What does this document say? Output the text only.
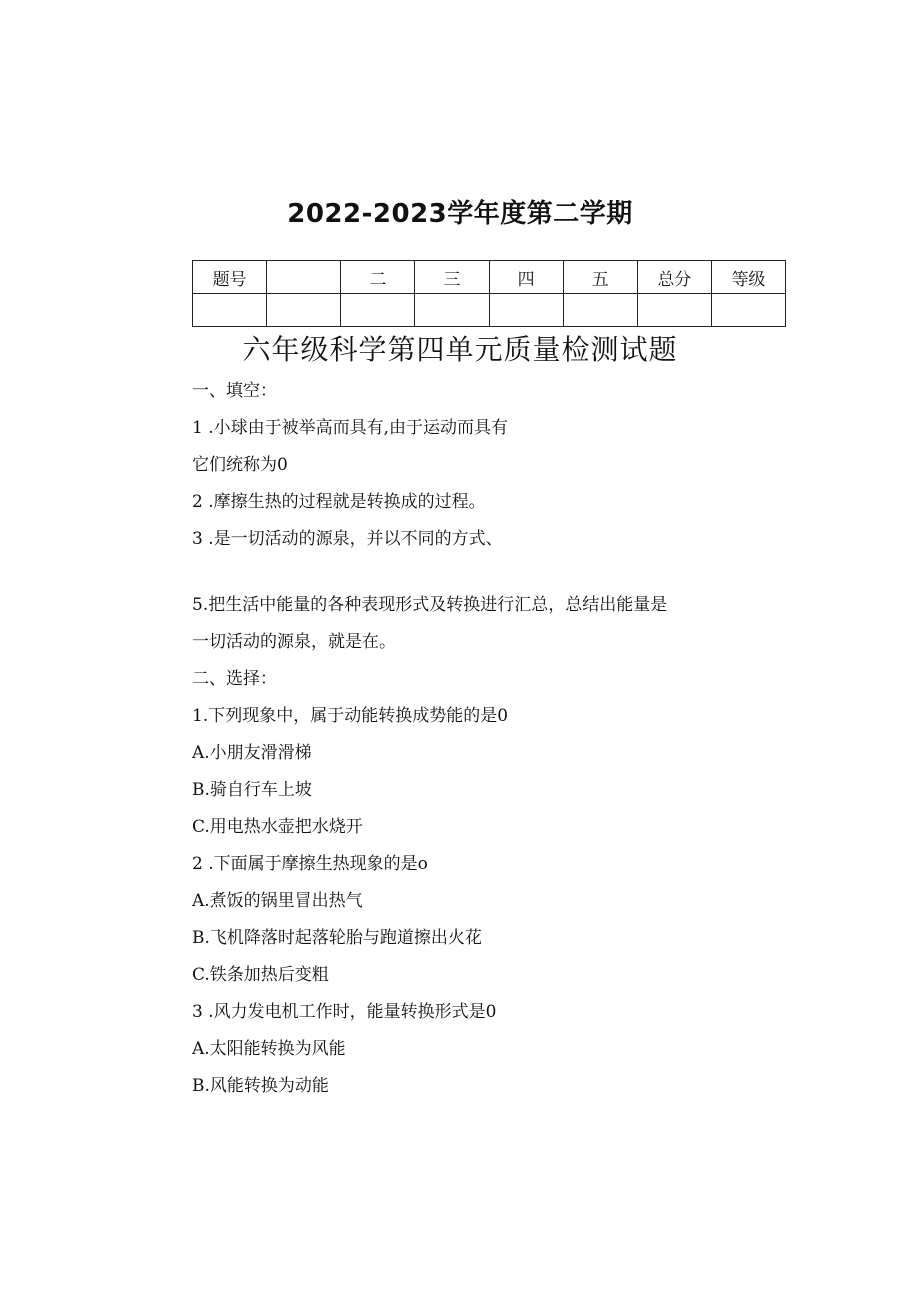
2022-2023学年度第二学期
题号		二	三	四	五	总分	等级

六年级科学第四单元质量检测试题
一、填空：
1 .小球由于被举高而具有,由于运动而具有
它们统称为0
2 .摩擦生热的过程就是转换成的过程。
3 .是一切活动的源泉，并以不同的方式、
5.把生活中能量的各种表现形式及转换进行汇总，总结出能量是
一切活动的源泉，就是在。
二、选择：
1.下列现象中，属于动能转换成势能的是0
A.小朋友滑滑梯
B.骑自行车上坡
C.用电热水壶把水烧开
2 .下面属于摩擦生热现象的是o
A.煮饭的锅里冒出热气
B.飞机降落时起落轮胎与跑道擦出火花
C.铁条加热后变粗
3 .风力发电机工作时，能量转换形式是0
A.太阳能转换为风能
B.风能转换为动能
